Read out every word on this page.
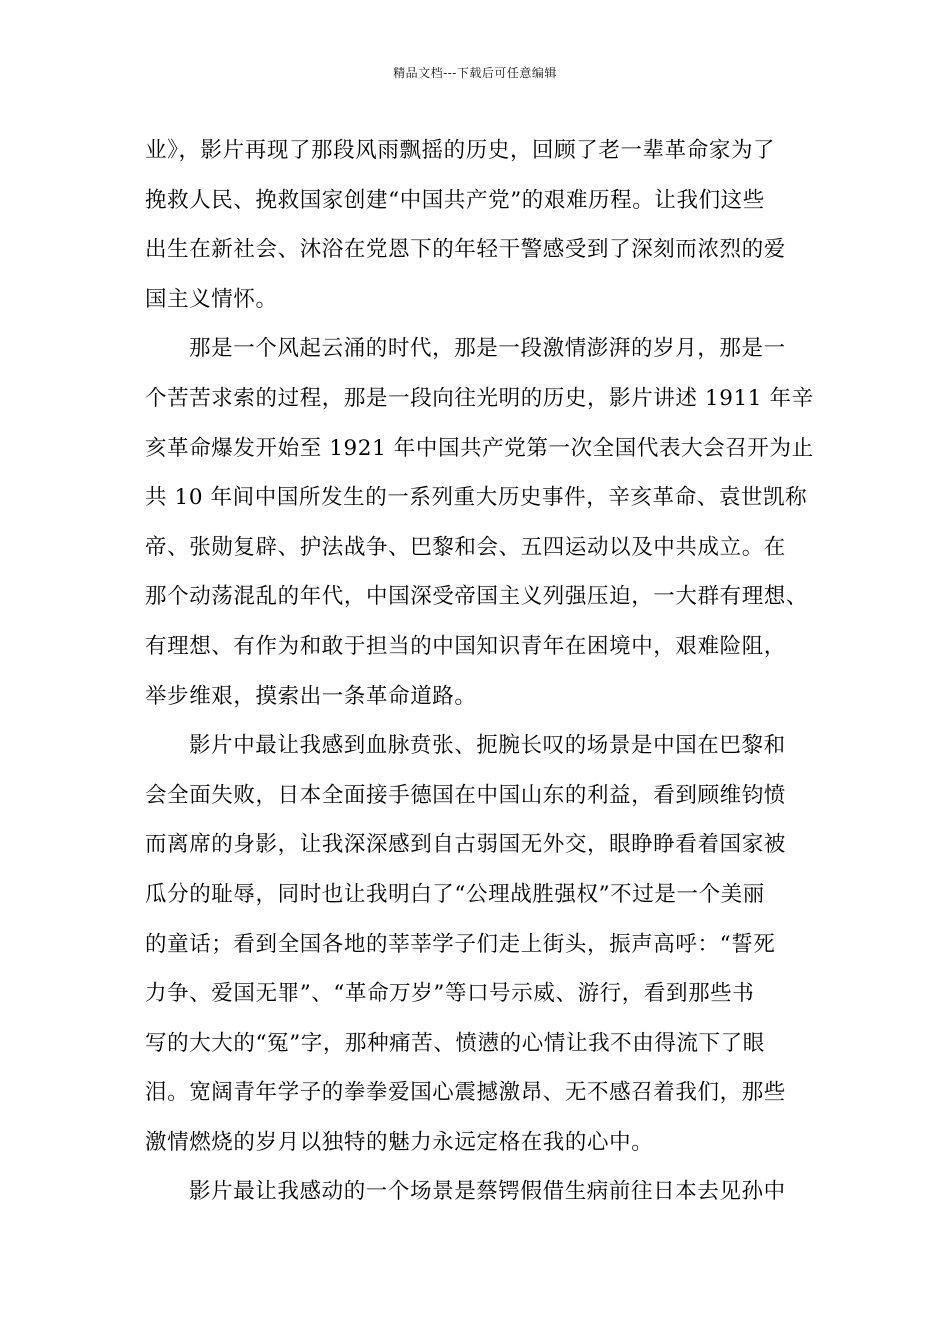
精品文档---下载后可任意编辑
业》，影片再现了那段风雨飘摇的历史，回顾了老一辈革命家为了
挽救人民、挽救国家创建“中国共产党”的艰难历程。让我们这些
出生在新社会、沐浴在党恩下的年轻干警感受到了深刻而浓烈的爱
国主义情怀。
那是一个风起云涌的时代，那是一段激情澎湃的岁月，那是一
个苦苦求索的过程，那是一段向往光明的历史，影片讲述 1911 年辛
亥革命爆发开始至 1921 年中国共产党第一次全国代表大会召开为止
共 10 年间中国所发生的一系列重大历史事件，辛亥革命、袁世凯称
帝、张勋复辟、护法战争、巴黎和会、五四运动以及中共成立。在
那个动荡混乱的年代，中国深受帝国主义列强压迫，一大群有理想、
有理想、有作为和敢于担当的中国知识青年在困境中，艰难险阻，
举步维艰，摸索出一条革命道路。
影片中最让我感到血脉贲张、扼腕长叹的场景是中国在巴黎和
会全面失败，日本全面接手德国在中国山东的利益，看到顾维钧愤
而离席的身影，让我深深感到自古弱国无外交，眼睁睁看着国家被
瓜分的耻辱，同时也让我明白了“公理战胜强权”不过是一个美丽
的童话；看到全国各地的莘莘学子们走上街头，振声高呼：“誓死
力争、爱国无罪”、“革命万岁”等口号示威、游行，看到那些书
写的大大的“冤”字，那种痛苦、愤懑的心情让我不由得流下了眼
泪。宽阔青年学子的拳拳爱国心震撼激昂、无不感召着我们，那些
激情燃烧的岁月以独特的魅力永远定格在我的心中。
影片最让我感动的一个场景是蔡锷假借生病前往日本去见孙中
